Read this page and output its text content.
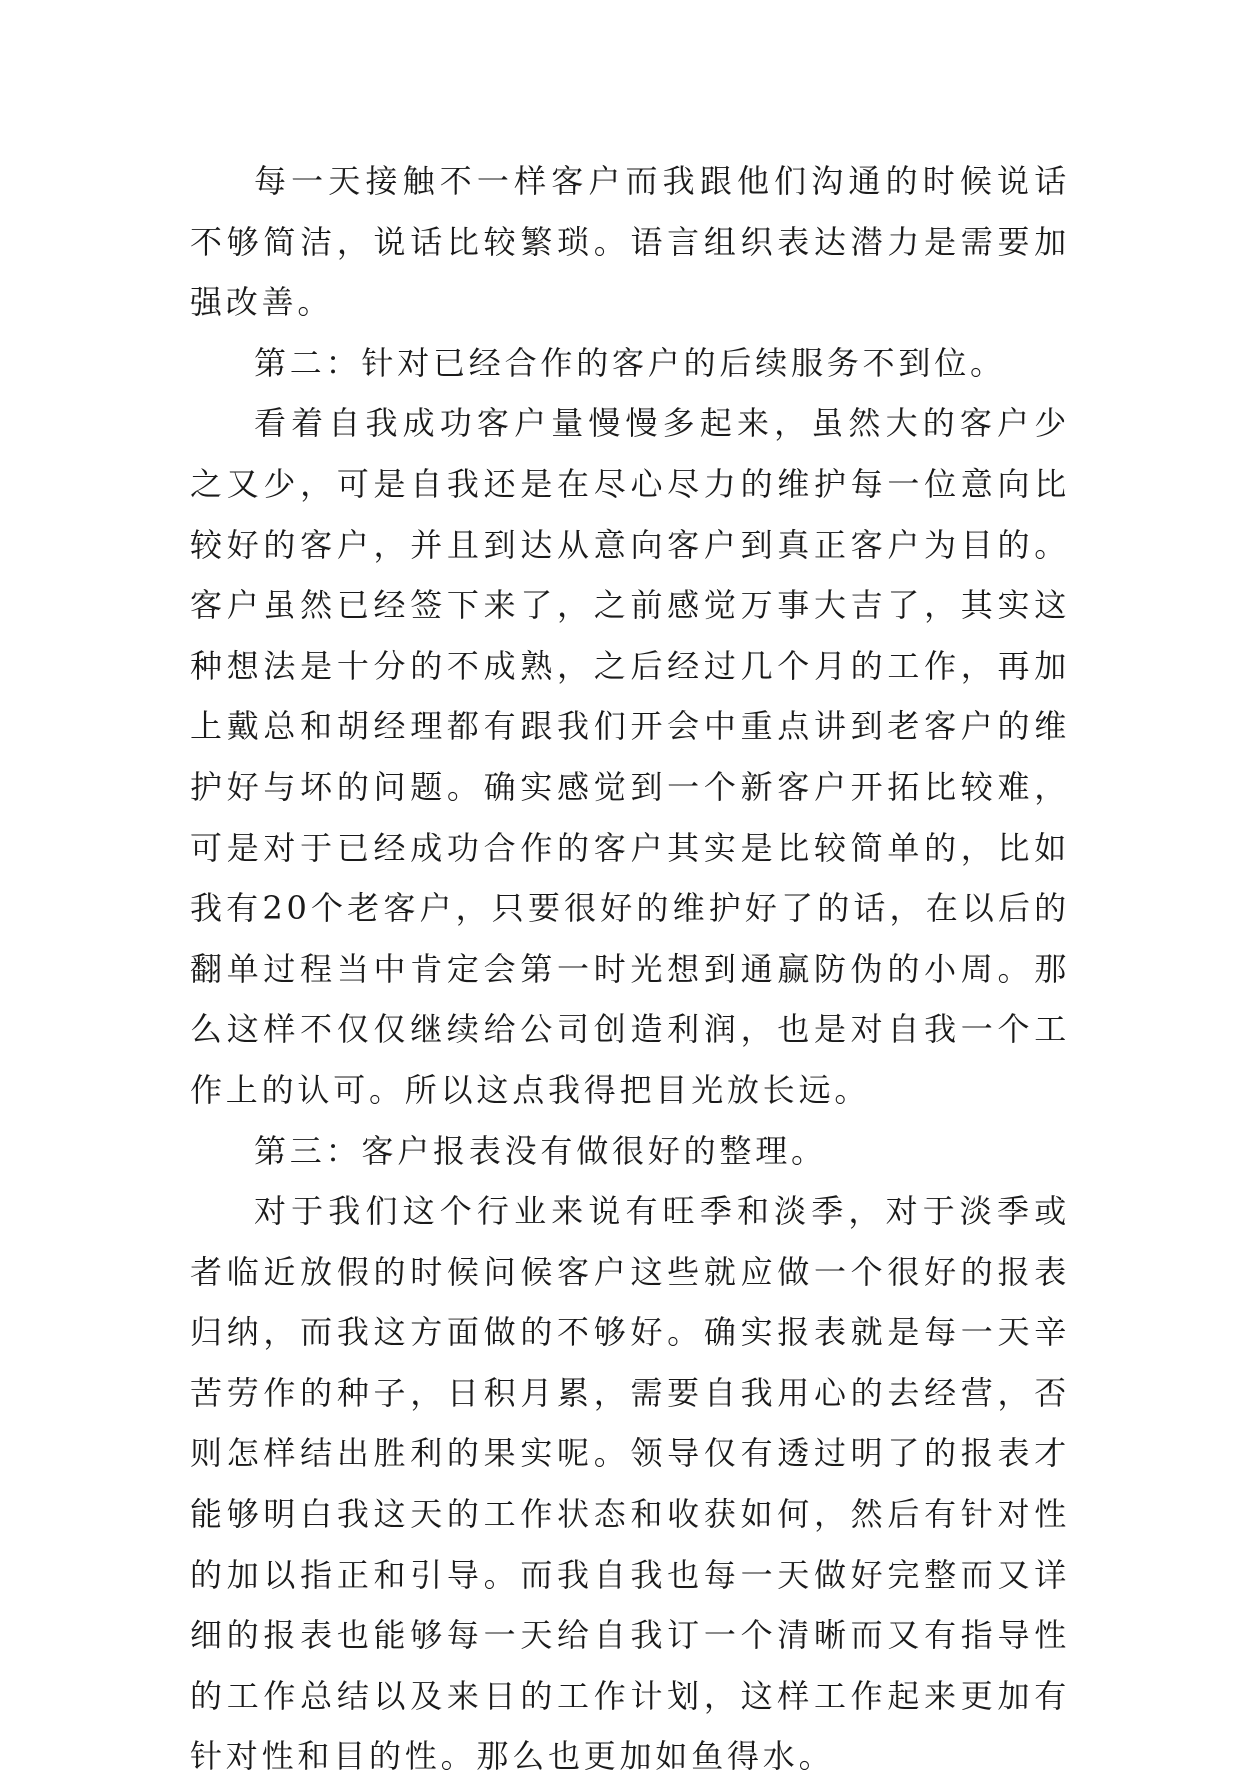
每一天接触不一样客户而我跟他们沟通的时候说话不够简洁，说话比较繁琐。语言组织表达潜力是需要加强改善。

第二：针对已经合作的客户的后续服务不到位。

看着自我成功客户量慢慢多起来，虽然大的客户少之又少，可是自我还是在尽心尽力的维护每一位意向比较好的客户，并且到达从意向客户到真正客户为目的。客户虽然已经签下来了，之前感觉万事大吉了，其实这种想法是十分的不成熟，之后经过几个月的工作，再加上戴总和胡经理都有跟我们开会中重点讲到老客户的维护好与坏的问题。确实感觉到一个新客户开拓比较难，可是对于已经成功合作的客户其实是比较简单的，比如我有20个老客户，只要很好的维护好了的话，在以后的翻单过程当中肯定会第一时光想到通赢防伪的小周。那么这样不仅仅继续给公司创造利润，也是对自我一个工作上的认可。所以这点我得把目光放长远。

第三：客户报表没有做很好的整理。

对于我们这个行业来说有旺季和淡季，对于淡季或者临近放假的时候问候客户这些就应做一个很好的报表归纳，而我这方面做的不够好。确实报表就是每一天辛苦劳作的种子，日积月累，需要自我用心的去经营，否则怎样结出胜利的果实呢。领导仅有透过明了的报表才能够明白我这天的工作状态和收获如何，然后有针对性的加以指正和引导。而我自我也每一天做好完整而又详细的报表也能够每一天给自我订一个清晰而又有指导性的工作总结以及来日的工作计划，这样工作起来更加有针对性和目的性。那么也更加如鱼得水。
